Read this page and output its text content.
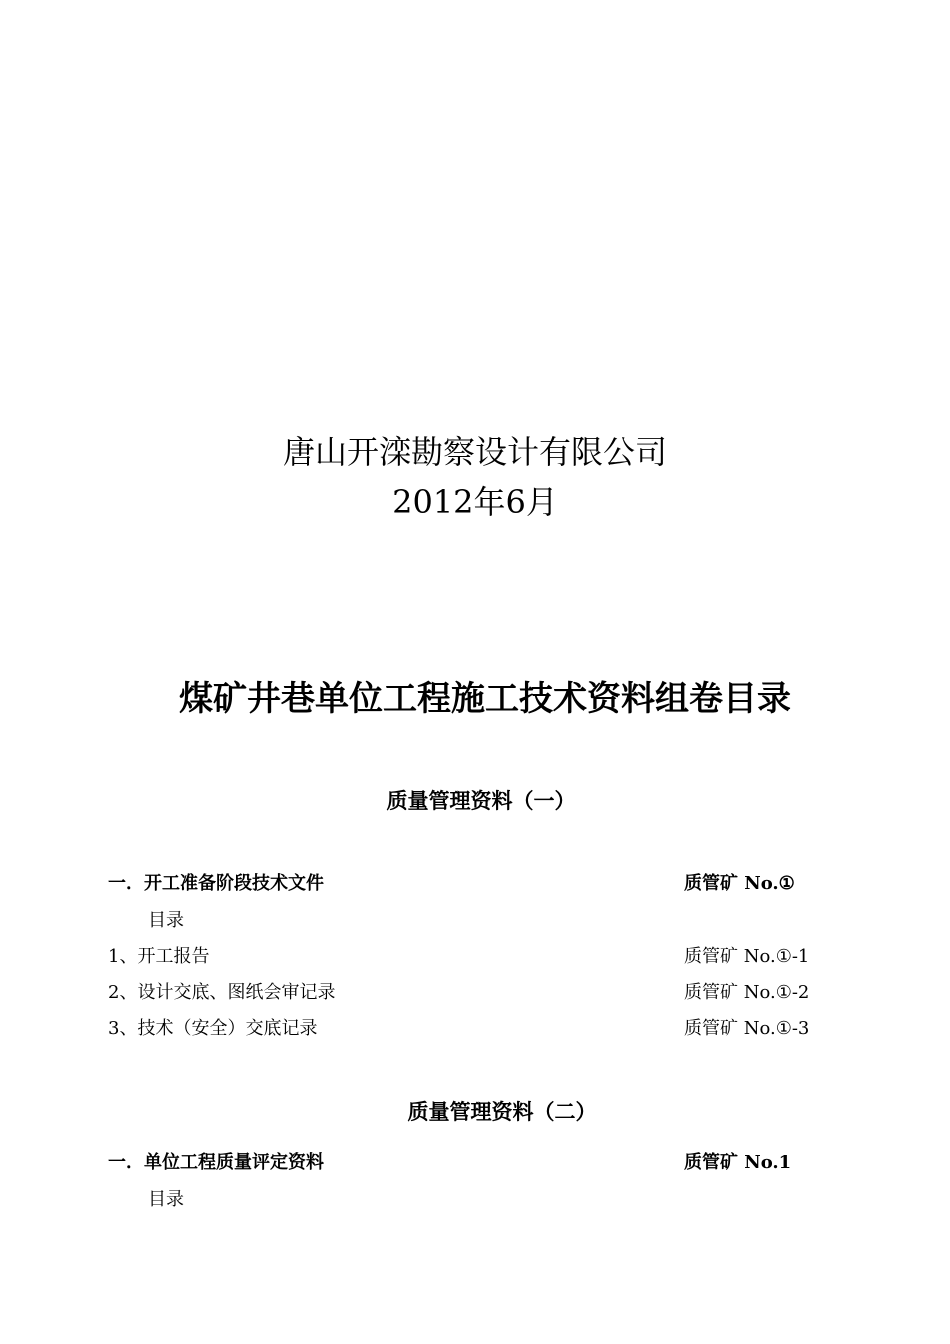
唐山开滦勘察设计有限公司
2012年6月
煤矿井巷单位工程施工技术资料组卷目录
质量管理资料（一）
一．开工准备阶段技术文件	质管矿 No.①
目录
1、开工报告	质管矿 No.①-1
2、设计交底、图纸会审记录	质管矿 No.①-2
3、技术（安全）交底记录	质管矿 No.①-3
质量管理资料（二）
一．单位工程质量评定资料	质管矿 No.1
目录
